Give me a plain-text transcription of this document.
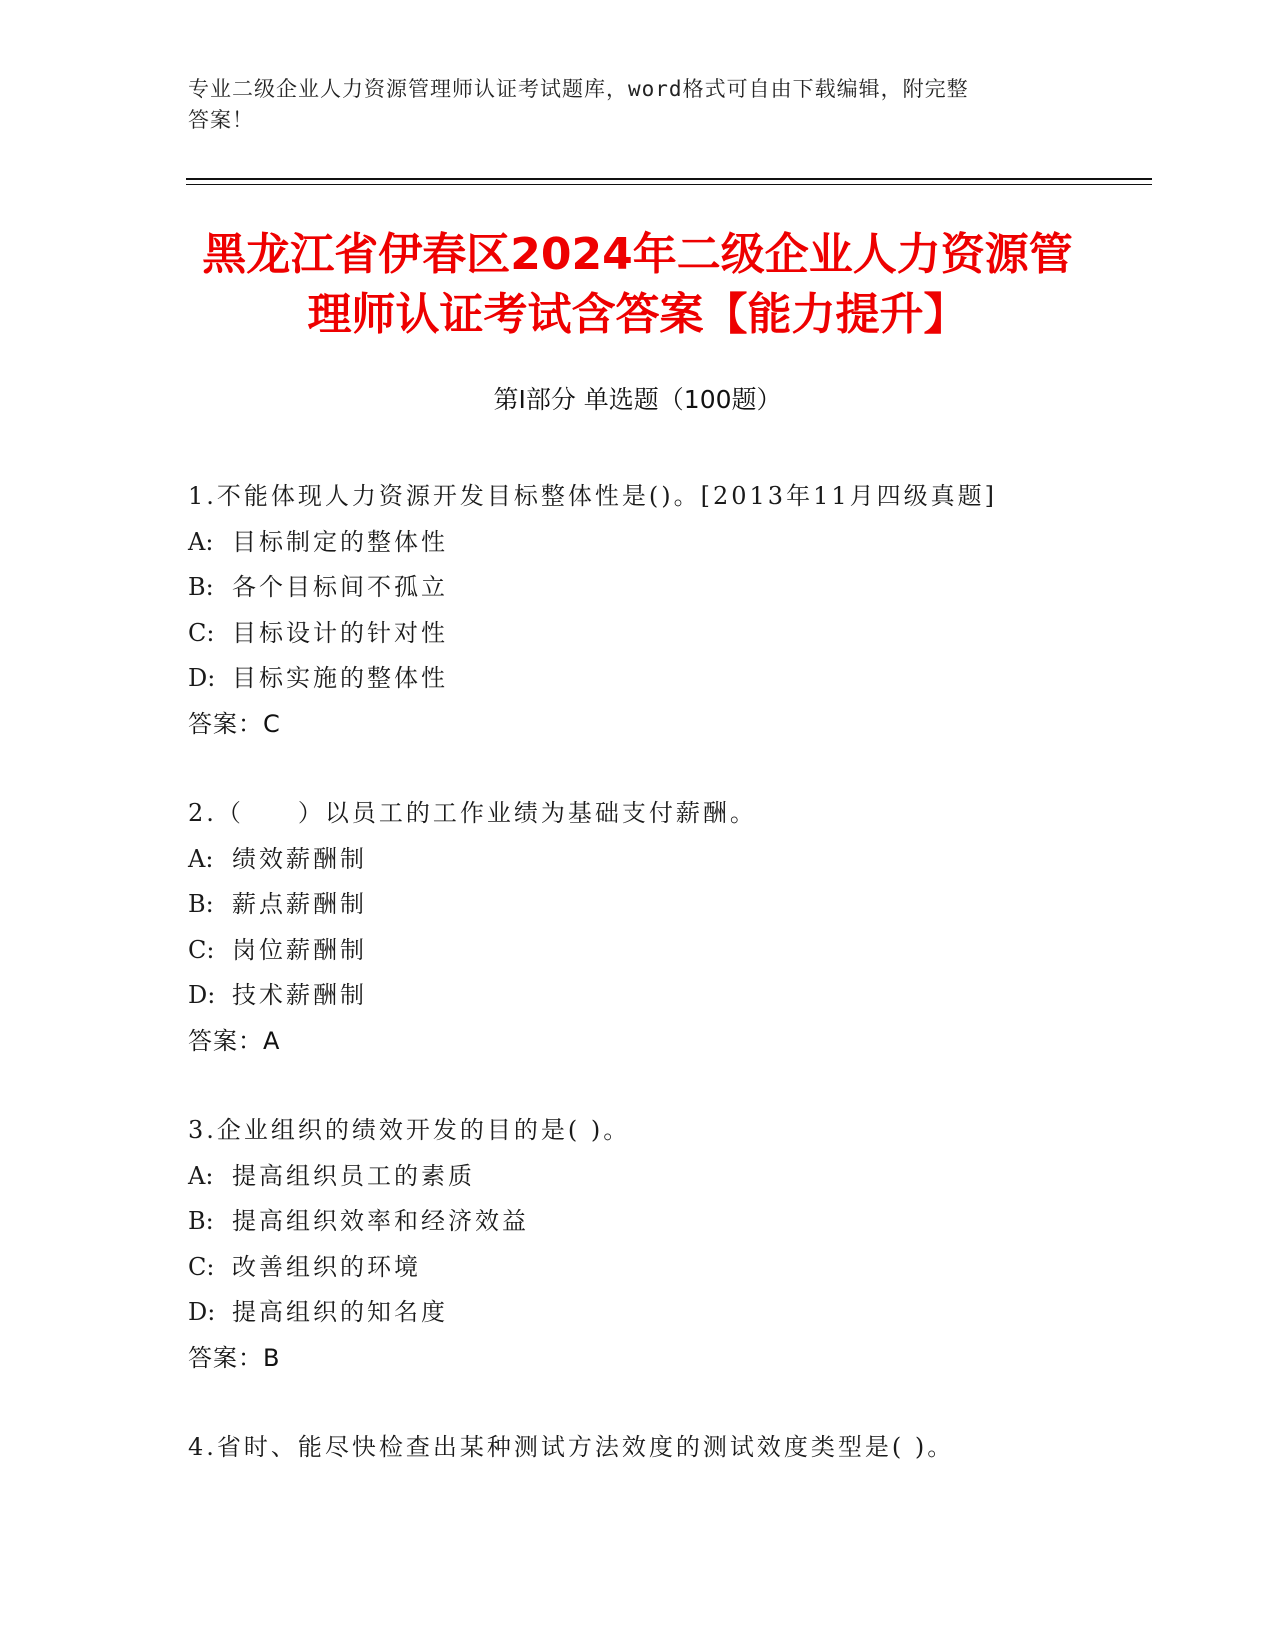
专业二级企业人力资源管理师认证考试题库，word格式可自由下载编辑，附完整
答案！
黑龙江省伊春区2024年二级企业人力资源管
理师认证考试含答案【能力提升】
第Ⅰ部分 单选题（100题）
1.不能体现人力资源开发目标整体性是()。[2013年11月四级真题]
A: 目标制定的整体性
B: 各个目标间不孤立
C: 目标设计的针对性
D: 目标实施的整体性
答案：C
2.（　　）以员工的工作业绩为基础支付薪酬。
A: 绩效薪酬制
B: 薪点薪酬制
C: 岗位薪酬制
D: 技术薪酬制
答案：A
3.企业组织的绩效开发的目的是( )。
A: 提高组织员工的素质
B: 提高组织效率和经济效益
C: 改善组织的环境
D: 提高组织的知名度
答案：B
4.省时、能尽快检查出某种测试方法效度的测试效度类型是( )。
